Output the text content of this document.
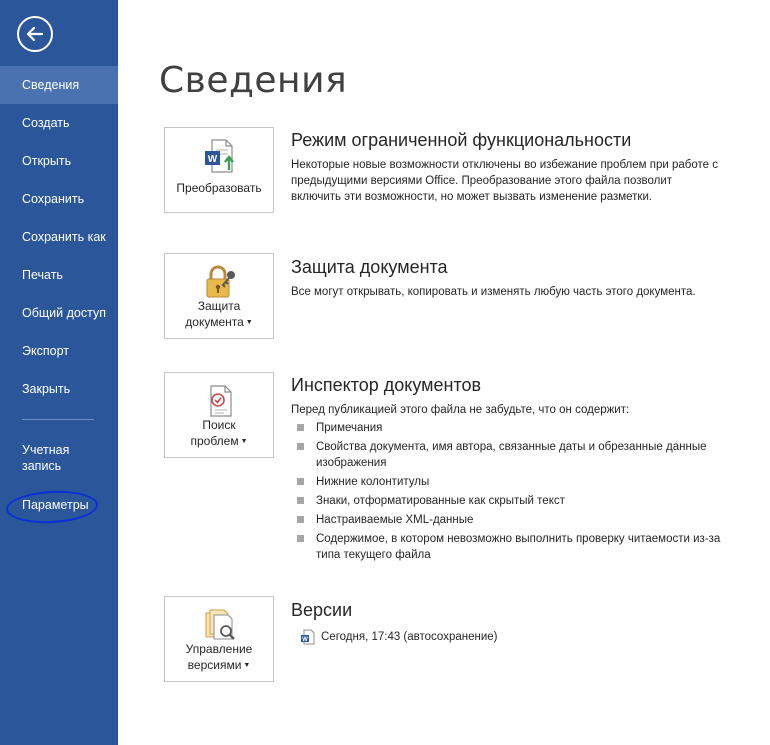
Сведения
Создать
Открыть
Сохранить
Сохранить как
Печать
Общий доступ
Экспорт
Закрыть
Учетная запись
Параметры
Сведения
W
Преобразовать
Режим ограниченной функциональности
Некоторые новые возможности отключены во избежание проблем при работе с предыдущими версиями Office. Преобразование этого файла позволит включить эти возможности, но может вызвать изменение разметки.
Защита
документа ▼
Защита документа
Все могут открывать, копировать и изменять любую часть этого документа.
Поиск
проблем ▼
Инспектор документов
Перед публикацией этого файла не забудьте, что он содержит:
Примечания
Свойства документа, имя автора, связанные даты и обрезанные данные изображения
Нижние колонтитулы
Знаки, отформатированные как скрытый текст
Настраиваемые XML-данные
Содержимое, в котором невозможно выполнить проверку читаемости из-за типа текущего файла
Управление
версиями ▼
Версии
W Сегодня, 17:43 (автосохранение)
